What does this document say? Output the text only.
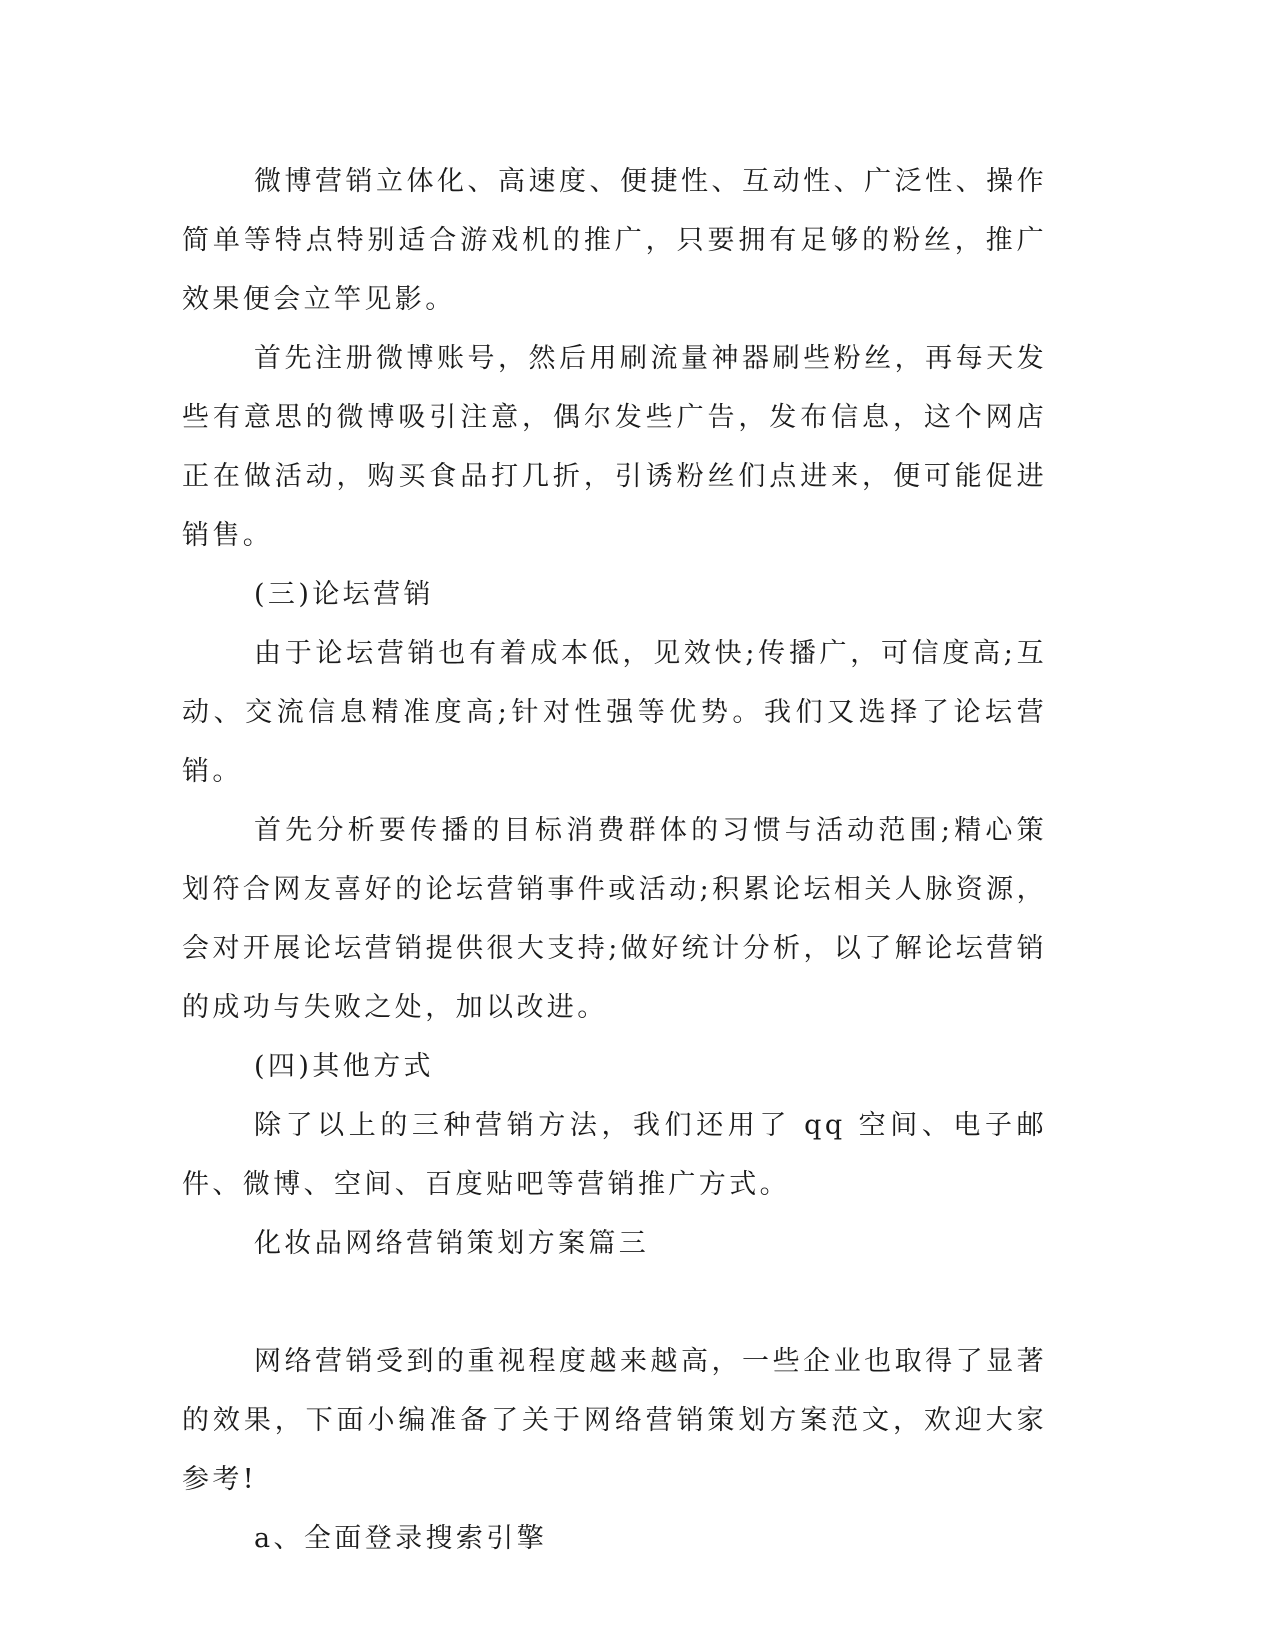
微博营销立体化、高速度、便捷性、互动性、广泛性、操作简单等特点特别适合游戏机的推广，只要拥有足够的粉丝，推广效果便会立竿见影。

首先注册微博账号，然后用刷流量神器刷些粉丝，再每天发些有意思的微博吸引注意，偶尔发些广告，发布信息，这个网店正在做活动，购买食品打几折，引诱粉丝们点进来，便可能促进销售。

(三)论坛营销

由于论坛营销也有着成本低，见效快;传播广，可信度高;互动、交流信息精准度高;针对性强等优势。我们又选择了论坛营销。

首先分析要传播的目标消费群体的习惯与活动范围;精心策划符合网友喜好的论坛营销事件或活动;积累论坛相关人脉资源，会对开展论坛营销提供很大支持;做好统计分析，以了解论坛营销的成功与失败之处，加以改进。

(四)其他方式

除了以上的三种营销方法，我们还用了 qq 空间、电子邮件、微博、空间、百度贴吧等营销推广方式。

化妆品网络营销策划方案篇三

网络营销受到的重视程度越来越高，一些企业也取得了显著的效果，下面小编准备了关于网络营销策划方案范文，欢迎大家参考!

a、全面登录搜索引擎
